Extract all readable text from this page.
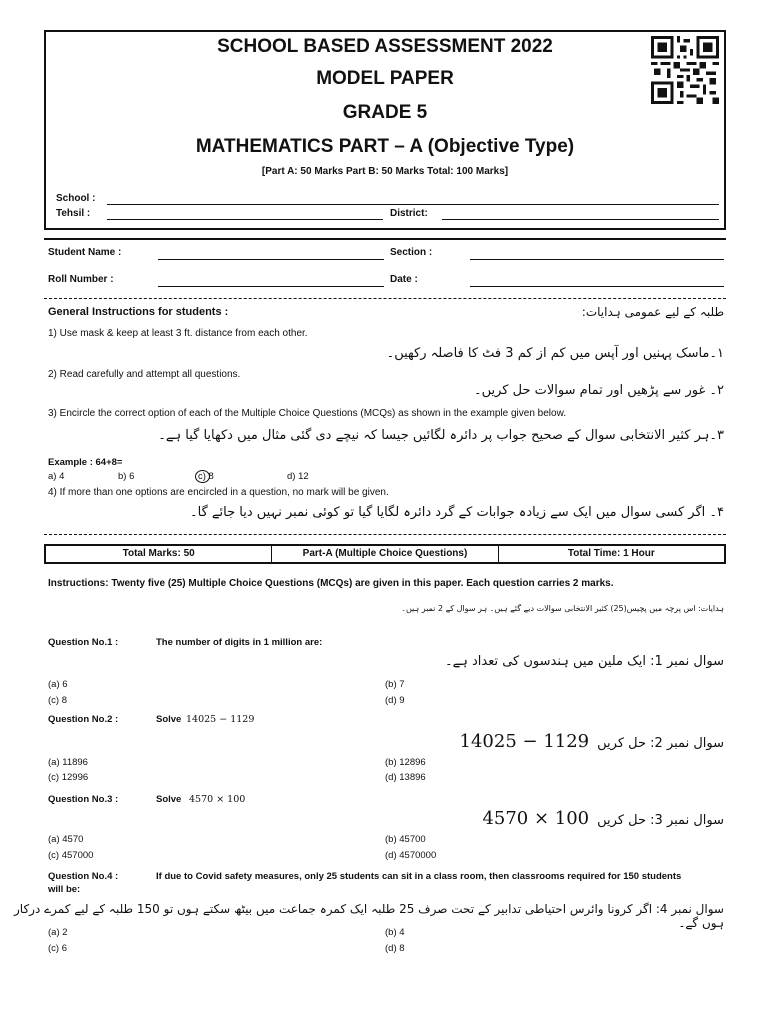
SCHOOL BASED ASSESSMENT 2022
MODEL PAPER
GRADE 5
MATHEMATICS PART – A (Objective Type)
[Part A: 50 Marks Part B: 50 Marks Total: 100 Marks]
School :
Tehsil :	District:
Student Name :	Section :
Roll Number :	Date :
General Instructions for students :	طلبہ کے لیے عمومی ہدایات:
1) Use mask & keep at least 3 ft. distance from each other.
۱۔ماسک پہنیں اور آپس میں کم از کم 3 فٹ کا فاصلہ رکھیں۔
2) Read carefully and attempt all questions.
۲۔ غور سے پڑھیں اور تمام سوالات حل کریں۔
3) Encircle the correct option of each of the Multiple Choice Questions (MCQs) as shown in the example given below.
۳۔ہر کثیر الانتخابی سوال کے صحیح جواب پر دائرہ لگائیں جیسا کہ نیچے دی گئی مثال میں دکھایا گیا ہے۔
Example : 64+8=
a) 4	b) 6	c) 8	d) 12
4) If more than one options are encircled in a question, no mark will be given.
۴۔ اگر کسی سوال میں ایک سے زیادہ جوابات کے گرد دائرہ لگایا گیا تو کوئی نمبر نہیں دیا جائے گا۔
Total Marks: 50	Part-A (Multiple Choice Questions)	Total Time: 1 Hour
Instructions: Twenty five (25) Multiple Choice Questions (MCQs) are given in this paper. Each question carries 2 marks.
ہدایات: اس پرچہ میں پچیس(25) کثیر الانتخابی سوالات دیے گئے ہیں۔ ہر سوال کے 2 نمبر ہیں۔
Question No.1 :	The number of digits in 1 million are:
سوال نمبر 1: ایک ملین میں ہندسوں کی تعداد ہے۔
(a) 6	(b) 7
(c) 8	(d) 9
Question No.2 :	Solve 14025 − 1129
سوال نمبر 2: حل کریں
14025 − 1129
(a) 11896	(b) 12896
(c) 12996	(d) 13896
Question No.3 :	Solve 4570 × 100
سوال نمبر 3: حل کریں
4570 × 100
(a) 4570	(b) 45700
(c) 457000	(d) 4570000
Question No.4 :	If due to Covid safety measures, only 25 students can sit in a class room, then classrooms required for 150 students
will be:
سوال نمبر 4: اگر کرونا وائرس احتیاطی تدابیر کے تحت صرف 25 طلبہ ایک کمرہ جماعت میں بیٹھ سکتے ہوں تو 150 طلبہ کے لیے کمرے درکار ہوں گے۔
(a) 2	(b) 4
(c) 6	(d) 8
